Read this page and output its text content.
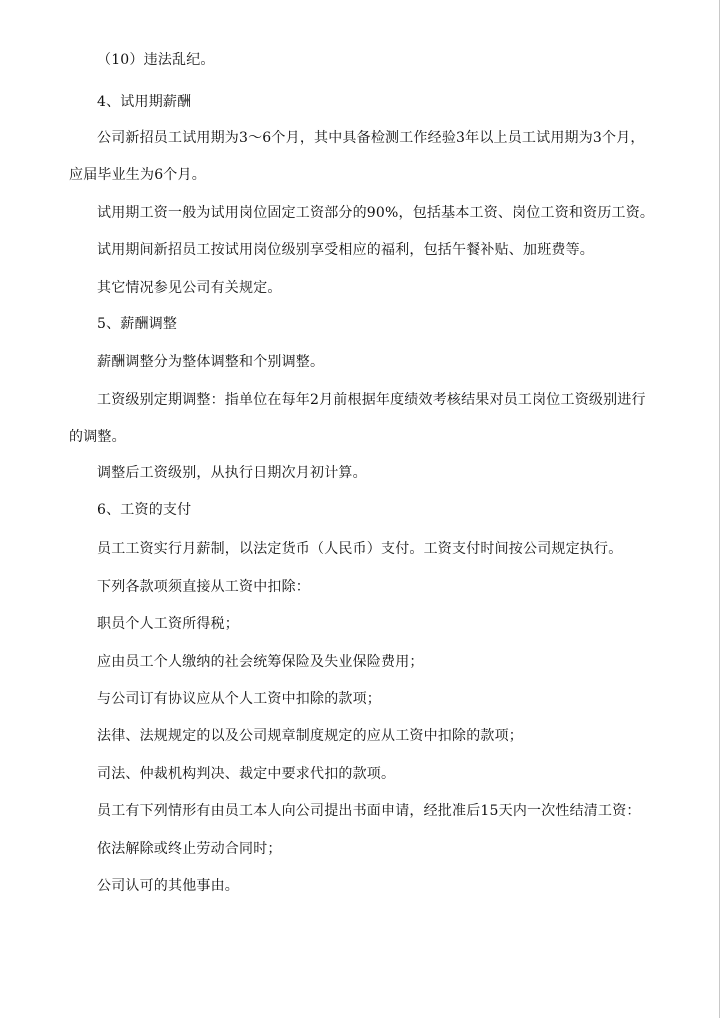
（10）违法乱纪。
4、试用期薪酬
公司新招员工试用期为3～6个月，其中具备检测工作经验3年以上员工试用期为3个月，
应届毕业生为6个月。
试用期工资一般为试用岗位固定工资部分的90%，包括基本工资、岗位工资和资历工资。
试用期间新招员工按试用岗位级别享受相应的福利，包括午餐补贴、加班费等。
其它情况参见公司有关规定。
5、薪酬调整
薪酬调整分为整体调整和个别调整。
工资级别定期调整：指单位在每年2月前根据年度绩效考核结果对员工岗位工资级别进行
的调整。
调整后工资级别，从执行日期次月初计算。
6、工资的支付
员工工资实行月薪制，以法定货币（人民币）支付。工资支付时间按公司规定执行。
下列各款项须直接从工资中扣除：
职员个人工资所得税；
应由员工个人缴纳的社会统筹保险及失业保险费用；
与公司订有协议应从个人工资中扣除的款项；
法律、法规规定的以及公司规章制度规定的应从工资中扣除的款项；
司法、仲裁机构判决、裁定中要求代扣的款项。
员工有下列情形有由员工本人向公司提出书面申请，经批准后15天内一次性结清工资：
依法解除或终止劳动合同时；
公司认可的其他事由。
